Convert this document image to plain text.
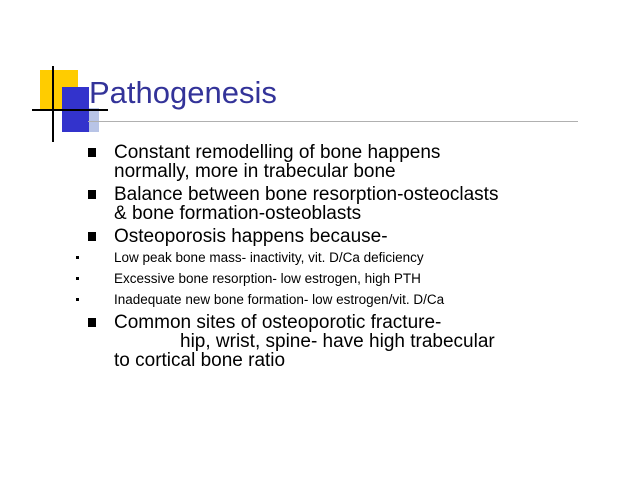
Pathogenesis
Constant remodelling of bone happens
normally, more in trabecular bone
Balance between bone resorption-osteoclasts
& bone formation-osteoblasts
Osteoporosis happens because-
Low peak bone mass- inactivity, vit. D/Ca deficiency
Excessive bone resorption- low estrogen, high PTH
Inadequate new bone formation- low estrogen/vit. D/Ca
Common sites of osteoporotic fracture-
hip, wrist, spine- have high trabecular
to cortical bone ratio
